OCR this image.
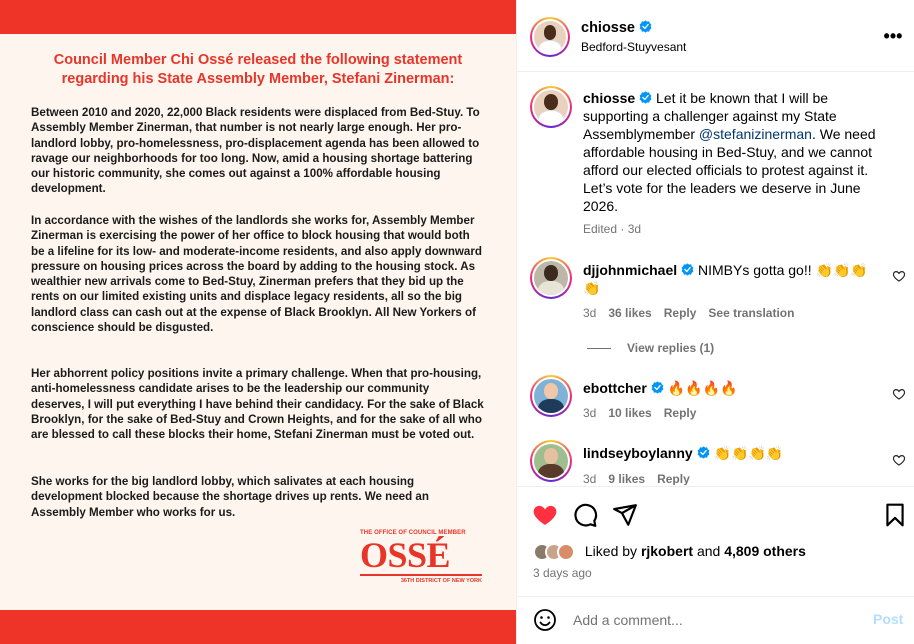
Council Member Chi Ossé released the following statement
regarding his State Assembly Member, Stefani Zinerman:

Between 2010 and 2020, 22,000 Black residents were displaced from Bed-Stuy. To Assembly Member Zinerman, that number is not nearly large enough. Her pro-landlord lobby, pro-homelessness, pro-displacement agenda has been allowed to ravage our neighborhoods for too long. Now, amid a housing shortage battering our historic community, she comes out against a 100% affordable housing development.

In accordance with the wishes of the landlords she works for, Assembly Member Zinerman is exercising the power of her office to block housing that would both be a lifeline for its low- and moderate-income residents, and also apply downward pressure on housing prices across the board by adding to the housing stock. As wealthier new arrivals come to Bed-Stuy, Zinerman prefers that they bid up the rents on our limited existing units and displace legacy residents, all so the big landlord class can cash out at the expense of Black Brooklyn. All New Yorkers of conscience should be disgusted.

Her abhorrent policy positions invite a primary challenge. When that pro-housing, anti-homelessness candidate arises to be the leadership our community deserves, I will put everything I have behind their candidacy. For the sake of Black Brooklyn, for the sake of Bed-Stuy and Crown Heights, and for the sake of all who are blessed to call these blocks their home, Stefani Zinerman must be voted out.

She works for the big landlord lobby, which salivates at each housing development blocked because the shortage drives up rents. We need an Assembly Member who works for us.

THE OFFICE OF COUNCIL MEMBER
OSSÉ
36TH DISTRICT OF NEW YORK
chiosse
Bedford-Stuyvesant
•••
chiosse Let it be known that I will be supporting a challenger against my State Assemblymember @stefanizinerman. We need affordable housing in Bed-Stuy, and we cannot afford our elected officials to protest against it. Let’s vote for the leaders we deserve in June 2026.
Edited · 3d
djjohnmichael NIMBYs gotta go!! 👏👏👏👏
3d 36 likes Reply See translation
View replies (1)
ebottcher 🔥🔥🔥🔥
3d 10 likes Reply
lindseyboylanny 👏👏👏👏
3d 9 likes Reply
Liked by rjkobert and 4,809 others
3 days ago
Add a comment...
Post
